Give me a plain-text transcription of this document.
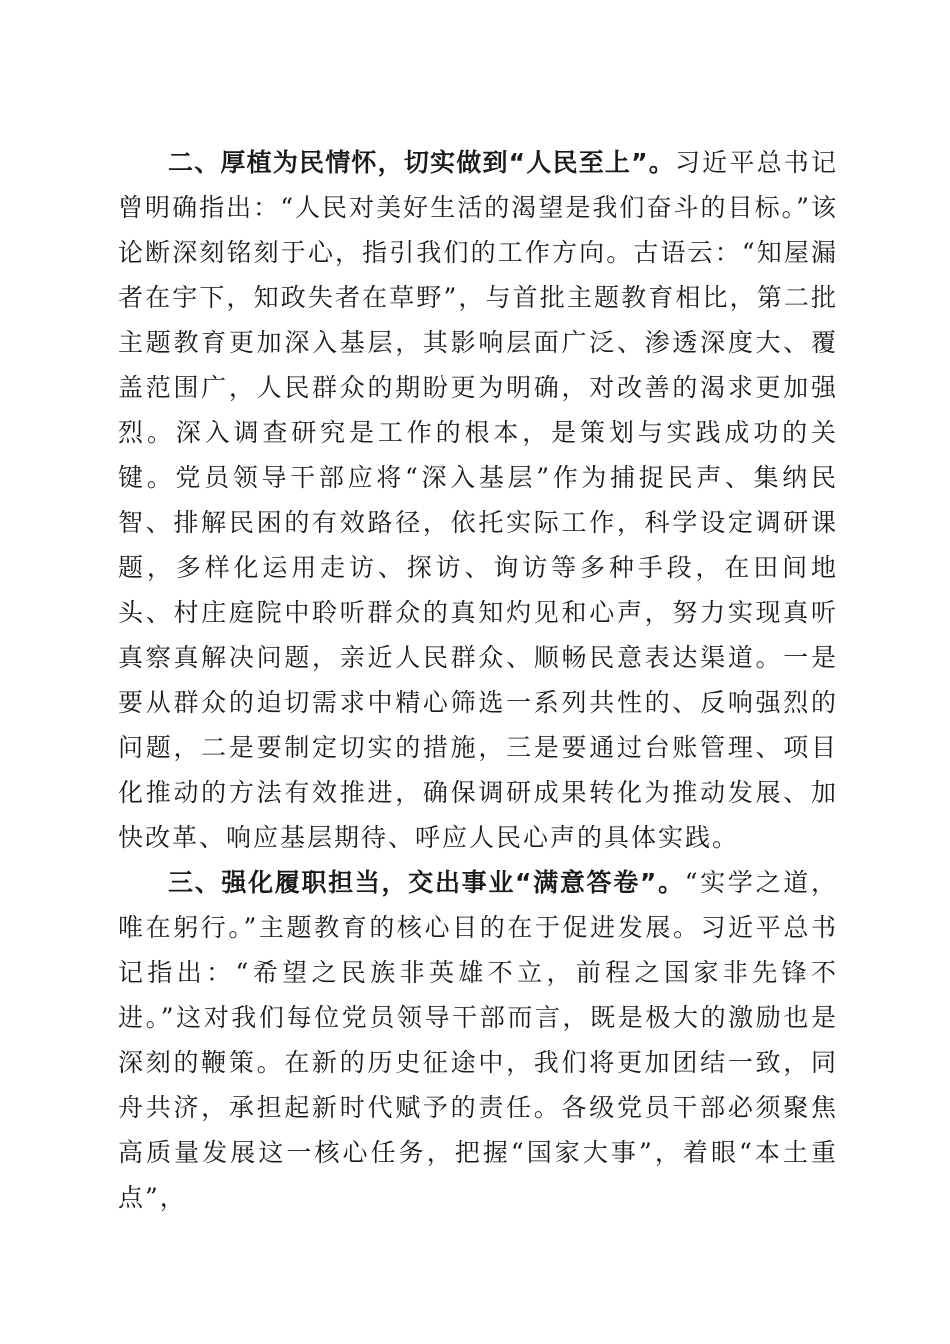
二、厚植为民情怀，切实做到“人民至上”。习近平总书记曾明确指出：“人民对美好生活的渴望是我们奋斗的目标。”该论断深刻铭刻于心，指引我们的工作方向。古语云：“知屋漏者在宇下，知政失者在草野”，与首批主题教育相比，第二批主题教育更加深入基层，其影响层面广泛、渗透深度大、覆盖范围广，人民群众的期盼更为明确，对改善的渴求更加强烈。深入调查研究是工作的根本，是策划与实践成功的关键。党员领导干部应将“深入基层”作为捕捉民声、集纳民智、排解民困的有效路径，依托实际工作，科学设定调研课题，多样化运用走访、探访、询访等多种手段，在田间地头、村庄庭院中聆听群众的真知灼见和心声，努力实现真听真察真解决问题，亲近人民群众、顺畅民意表达渠道。一是要从群众的迫切需求中精心筛选一系列共性的、反响强烈的问题，二是要制定切实的措施，三是要通过台账管理、项目化推动的方法有效推进，确保调研成果转化为推动发展、加快改革、响应基层期待、呼应人民心声的具体实践。

三、强化履职担当，交出事业“满意答卷”。“实学之道，唯在躬行。”主题教育的核心目的在于促进发展。习近平总书记指出：“希望之民族非英雄不立，前程之国家非先锋不进。”这对我们每位党员领导干部而言，既是极大的激励也是深刻的鞭策。在新的历史征途中，我们将更加团结一致，同舟共济，承担起新时代赋予的责任。各级党员干部必须聚焦高质量发展这一核心任务，把握“国家大事”，着眼“本土重点”，
